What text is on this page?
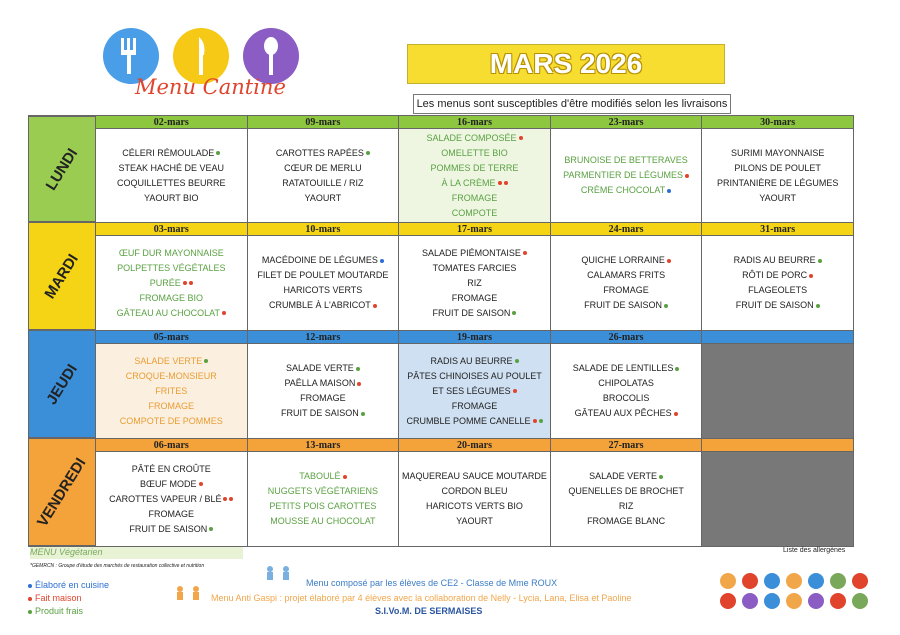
Menu Cantine
MARS 2026
Les menus sont susceptibles d'être modifiés selon les livraisons
LUNDI
02-mars
CÉLERI RÉMOULADE
STEAK HACHÉ DE VEAU
COQUILLETTES BEURRE
YAOURT BIO
09-mars
CAROTTES RAPÉES
CŒUR DE MERLU
RATATOUILLE / RIZ
YAOURT
16-mars
SALADE COMPOSÉE
OMELETTE BIO
POMMES DE TERRE
À LA CRÈME
FROMAGE
COMPOTE
23-mars
BRUNOISE DE BETTERAVES
PARMENTIER DE LÉGUMES
CRÈME CHOCOLAT
30-mars
SURIMI MAYONNAISE
PILONS DE POULET
PRINTANIÈRE DE LÉGUMES
YAOURT
MARDI
03-mars
ŒUF DUR MAYONNAISE
POLPETTES VÉGÉTALES
PURÉE
FROMAGE BIO
GÂTEAU AU CHOCOLAT
10-mars
MACÉDOINE DE LÉGUMES
FILET DE POULET MOUTARDE
HARICOTS VERTS
CRUMBLE À L'ABRICOT
17-mars
SALADE PIÉMONTAISE
TOMATES FARCIES
RIZ
FROMAGE
FRUIT DE SAISON
24-mars
QUICHE LORRAINE
CALAMARS FRITS
FROMAGE
FRUIT DE SAISON
31-mars
RADIS AU BEURRE
RÔTI DE PORC
FLAGEOLETS
FRUIT DE SAISON
JEUDI
05-mars
SALADE VERTE
CROQUE-MONSIEUR
FRITES
FROMAGE
COMPOTE DE POMMES
12-mars
SALADE VERTE
PAËLLA MAISON
FROMAGE
FRUIT DE SAISON
19-mars
RADIS AU BEURRE
PÂTES CHINOISES AU POULET
ET SES LÉGUMES
FROMAGE
CRUMBLE POMME CANELLE
26-mars
SALADE DE LENTILLES
CHIPOLATAS
BROCOLIS
GÂTEAU AUX PÊCHES
VENDREDI
06-mars
PÂTÉ EN CROÛTE
BŒUF MODE
CAROTTES VAPEUR / BLÉ
FROMAGE
FRUIT DE SAISON
13-mars
TABOULÉ
NUGGETS VÉGÉTARIENS
PETITS POIS CAROTTES
MOUSSE AU CHOCOLAT
20-mars
MAQUEREAU SAUCE MOUTARDE
CORDON BLEU
HARICOTS VERTS BIO
YAOURT
27-mars
SALADE VERTE
QUENELLES DE BROCHET
RIZ
FROMAGE BLANC
MENU Végétarien
*GEMRCN : Groupe d'étude des marchés de restauration collective et nutrition
Liste des allergènes
Élaboré en cuisine
Fait maison
Produit frais
Menu composé par les élèves de CE2 - Classe de Mme ROUX
Menu Anti Gaspi : projet élaboré par 4 élèves avec la collaboration de Nelly - Lycia, Lana, Elisa et Paoline
S.I.Vo.M. DE SERMAISES
